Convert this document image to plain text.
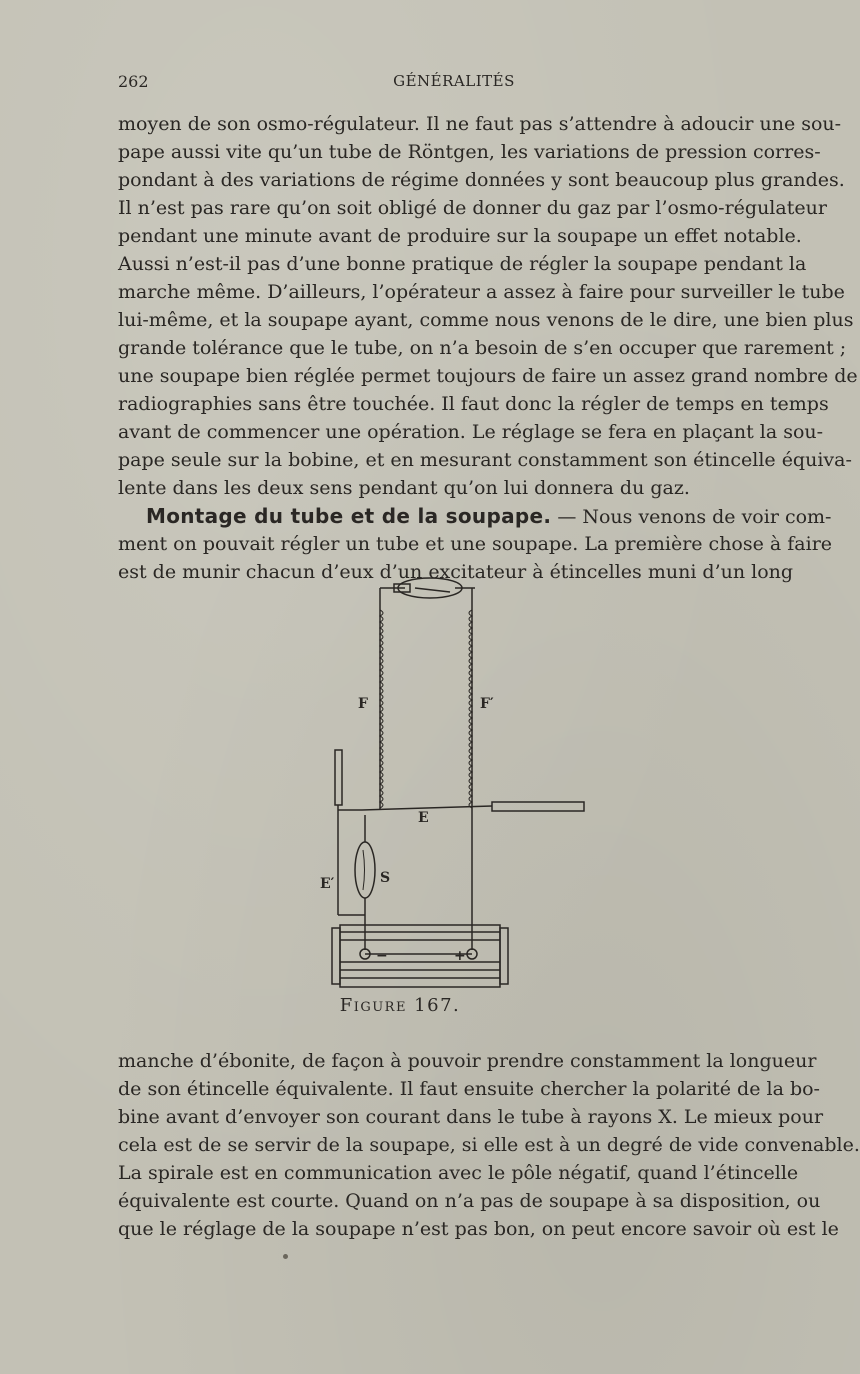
262	GÉNÉRALITÉS
moyen de son osmo-régulateur. Il ne faut pas s’attendre à adoucir une sou-
pape aussi vite qu’un tube de Röntgen, les variations de pression corres-
pondant à des variations de régime données y sont beaucoup plus grandes.
Il n’est pas rare qu’on soit obligé de donner du gaz par l’osmo-régulateur
pendant une minute avant de produire sur la soupape un effet notable.
Aussi n’est-il pas d’une bonne pratique de régler la soupape pendant la
marche même. D’ailleurs, l’opérateur a assez à faire pour surveiller le tube
lui-même, et la soupape ayant, comme nous venons de le dire, une bien plus
grande tolérance que le tube, on n’a besoin de s’en occuper que rarement ;
une soupape bien réglée permet toujours de faire un assez grand nombre de
radiographies sans être touchée. Il faut donc la régler de temps en temps
avant de commencer une opération. Le réglage se fera en plaçant la sou-
pape seule sur la bobine, et en mesurant constamment son étincelle équiva-
lente dans les deux sens pendant qu’on lui donnera du gaz.
Montage du tube et de la soupape. — Nous venons de voir com-
ment on pouvait régler un tube et une soupape. La première chose à faire
est de munir chacun d’eux d’un excitateur à étincelles muni d’un long
F	F′
E
E′	S
−	+
Figure 167.
manche d’ébonite, de façon à pouvoir prendre constamment la longueur
de son étincelle équivalente. Il faut ensuite chercher la polarité de la bo-
bine avant d’envoyer son courant dans le tube à rayons X. Le mieux pour
cela est de se servir de la soupape, si elle est à un degré de vide convenable.
La spirale est en communication avec le pôle négatif, quand l’étincelle
équivalente est courte. Quand on n’a pas de soupape à sa disposition, ou
que le réglage de la soupape n’est pas bon, on peut encore savoir où est le
